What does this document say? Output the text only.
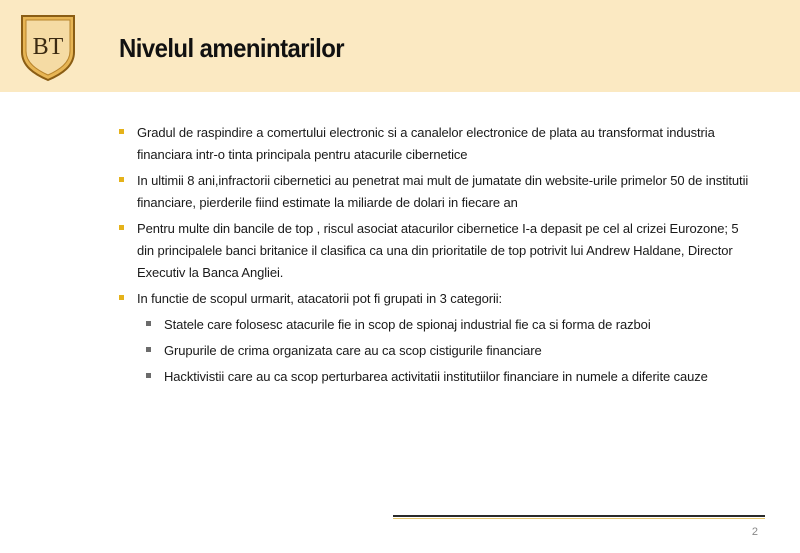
BT Nivelul amenintarilor
Gradul de raspindire a comertului electronic si a canalelor electronice de plata au transformat industria financiara intr-o tinta principala pentru atacurile cibernetice
In ultimii 8 ani,infractorii cibernetici au penetrat mai mult de jumatate din website-urile primelor 50 de institutii financiare, pierderile fiind estimate la miliarde de dolari in fiecare an
Pentru multe din bancile de top , riscul asociat atacurilor cibernetice I-a depasit pe cel al crizei Eurozone; 5 din principalele banci britanice il clasifica ca una din prioritatile de top potrivit lui Andrew Haldane, Director Executiv la Banca Angliei.
In functie de scopul urmarit, atacatorii pot fi grupati in 3 categorii:
Statele care folosesc atacurile fie in scop de spionaj industrial fie ca si forma de razboi
Grupurile de crima organizata care au ca scop cistigurile financiare
Hacktivistii care au ca scop perturbarea activitatii institutiilor financiare in numele a diferite cauze
2
